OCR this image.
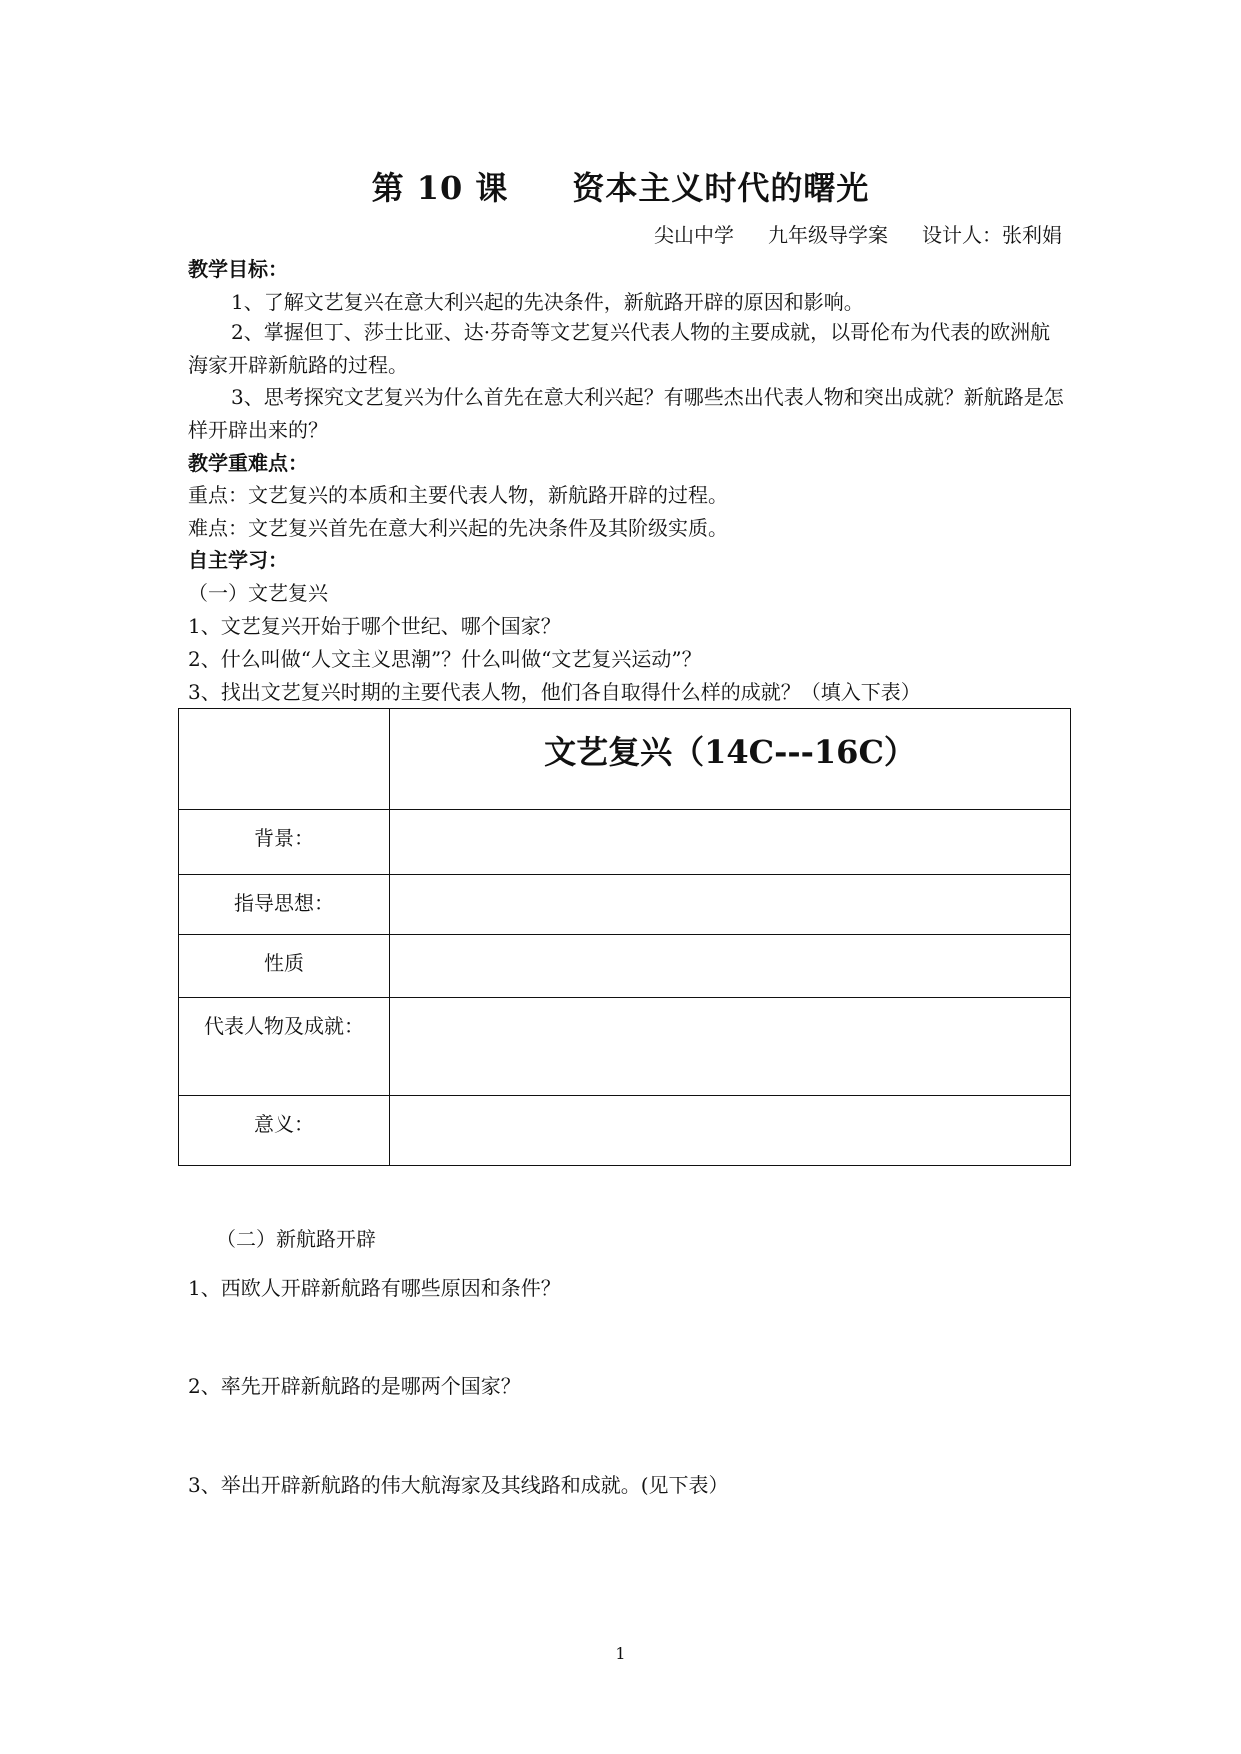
第 10 课 资本主义时代的曙光
尖山中学 九年级导学案 设计人：张利娟
教学目标：
1、了解文艺复兴在意大利兴起的先决条件，新航路开辟的原因和影响。
2、掌握但丁、莎士比亚、达·芬奇等文艺复兴代表人物的主要成就，以哥伦布为代表的欧洲航海家开辟新航路的过程。
3、思考探究文艺复兴为什么首先在意大利兴起？有哪些杰出代表人物和突出成就？新航路是怎样开辟出来的？
教学重难点：
重点：文艺复兴的本质和主要代表人物，新航路开辟的过程。
难点：文艺复兴首先在意大利兴起的先决条件及其阶级实质。
自主学习：
（一）文艺复兴
1、文艺复兴开始于哪个世纪、哪个国家？
2、什么叫做“人文主义思潮”？什么叫做“文艺复兴运动”？
3、找出文艺复兴时期的主要代表人物，他们各自取得什么样的成就？（填入下表）
	文艺复兴（14C---16C）
背景：	
指导思想：	
性质	
代表人物及成就：	
意义：	
（二）新航路开辟
1、西欧人开辟新航路有哪些原因和条件？
2、率先开辟新航路的是哪两个国家？
3、举出开辟新航路的伟大航海家及其线路和成就。(见下表）
1
